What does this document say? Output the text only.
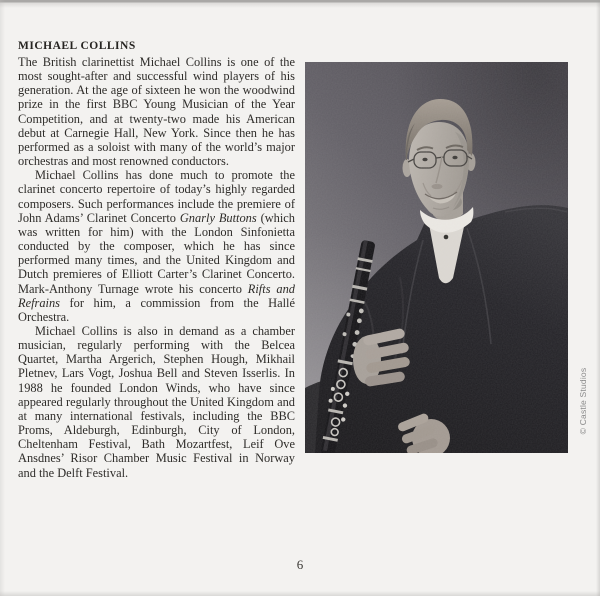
MICHAEL COLLINS

The British clarinettist Michael Collins is one of the most sought-after and successful wind players of his generation. At the age of sixteen he won the woodwind prize in the first BBC Young Musician of the Year Competition, and at twenty-two made his American debut at Carnegie Hall, New York. Since then he has performed as a soloist with many of the world’s major orchestras and most renowned conductors.

Michael Collins has done much to promote the clarinet concerto repertoire of today’s highly regarded composers. Such performances include the premiere of John Adams’ Clarinet Concerto Gnarly Buttons (which was written for him) with the London Sinfonietta conducted by the composer, which he has since performed many times, and the United Kingdom and Dutch premieres of Elliott Carter’s Clarinet Concerto. Mark-Anthony Turnage wrote his concerto Rifts and Refrains for him, a commission from the Hallé Orchestra.

Michael Collins is also in demand as a chamber musician, regularly performing with the Belcea Quartet, Martha Argerich, Stephen Hough, Mikhail Pletnev, Lars Vogt, Joshua Bell and Steven Isserlis. In 1988 he founded London Winds, who have since appeared regularly throughout the United Kingdom and at many international festivals, including the BBC Proms, Aldeburgh, Edinburgh, City of London, Cheltenham Festival, Bath Mozartfest, Leif Ove Ansdnes’ Risor Chamber Music Festival in Norway and the Delft Festival.

© Castle Studios
6
